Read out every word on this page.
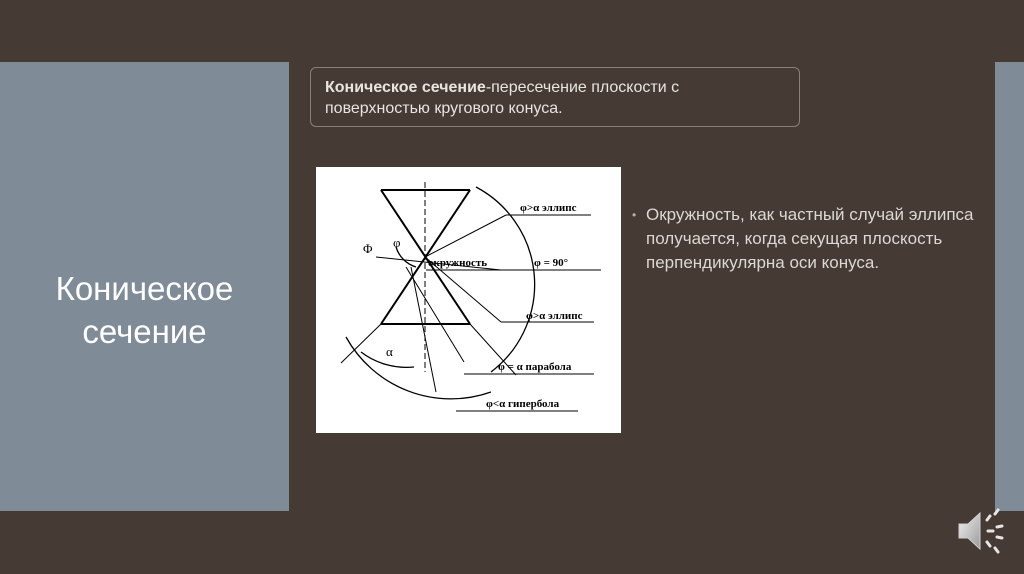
Коническое сечение
Коническое сечение-пересечение плоскости с поверхностью кругового конуса.
φ>α эллипс
окружность	φ = 90°
φ>α эллипс
φ = α парабола
φ<α гипербола
Φ φ
α
• Окружность, как частный случай эллипса получается, когда секущая плоскость перпендикулярна оси конуса.
